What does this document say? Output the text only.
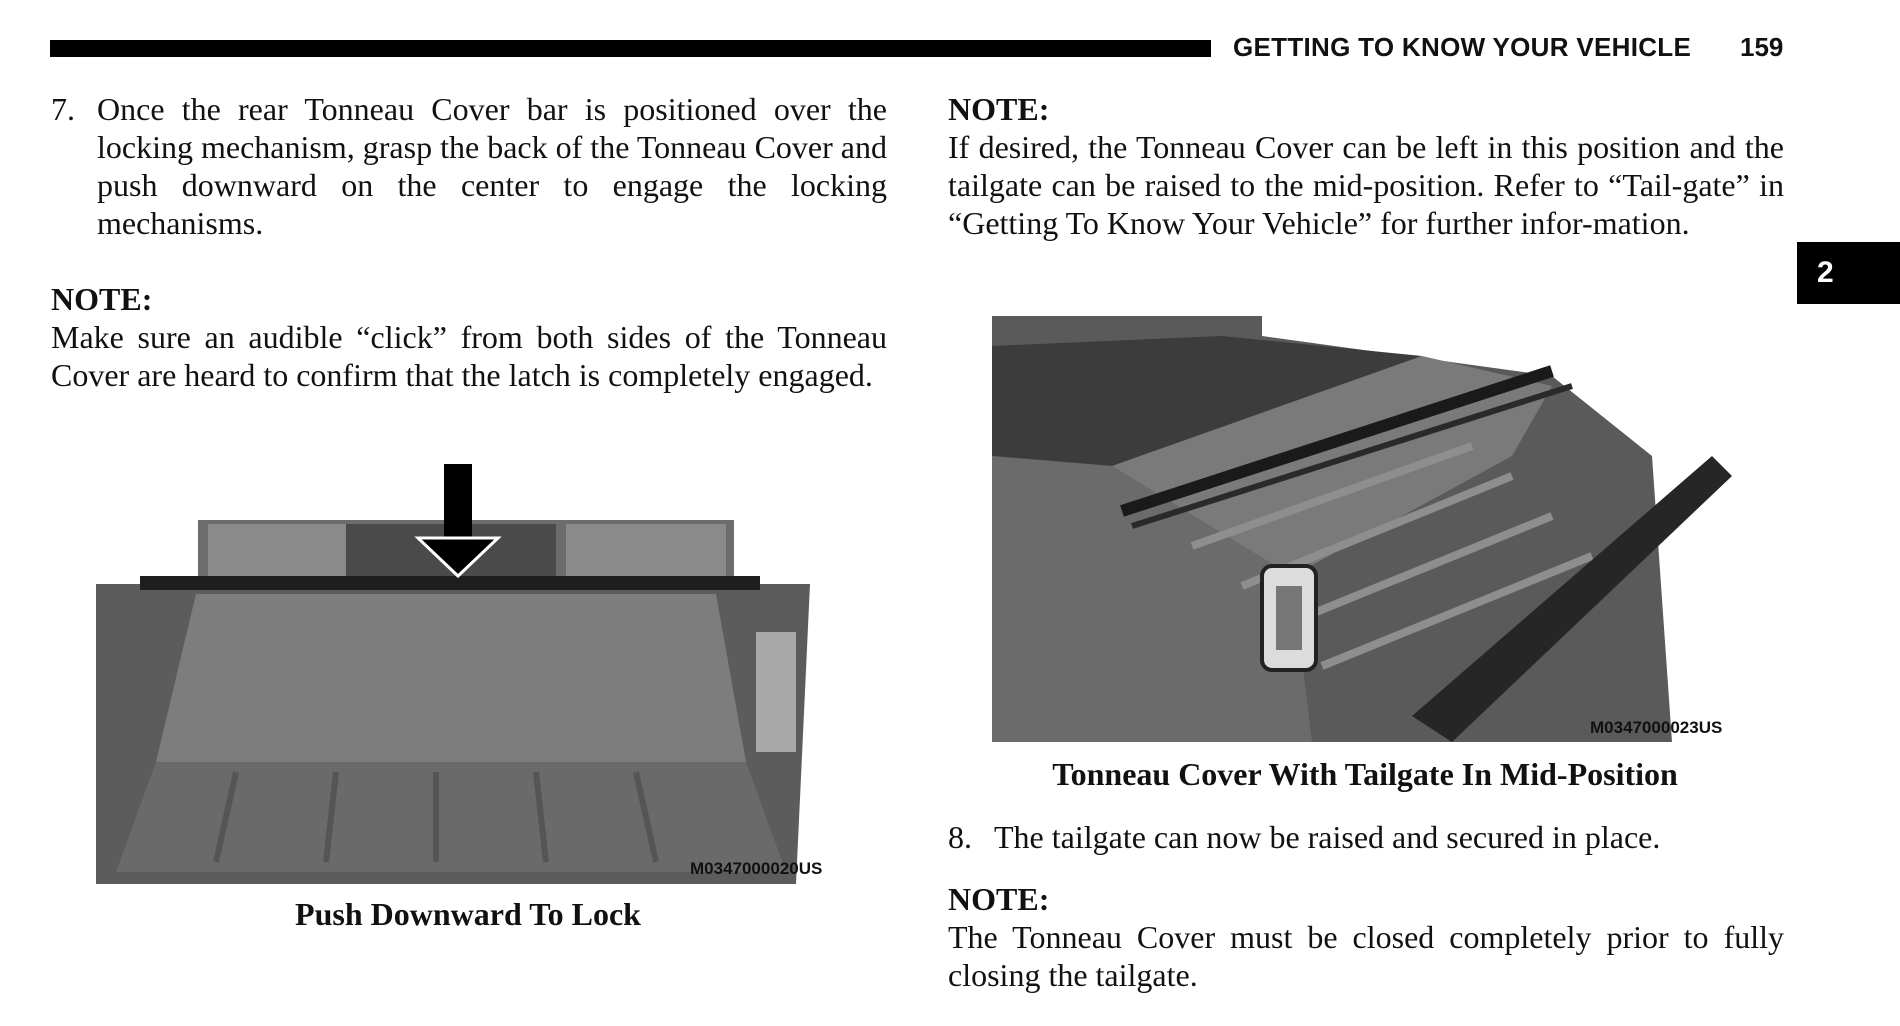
GETTING TO KNOW YOUR VEHICLE 159
2
7. Once the rear Tonneau Cover bar is positioned over the locking mechanism, grasp the back of the Tonneau Cover and push downward on the center to engage the locking mechanisms.
NOTE:
Make sure an audible “click” from both sides of the Tonneau Cover are heard to confirm that the latch is completely engaged.
M0347000020US
Push Downward To Lock
NOTE:
If desired, the Tonneau Cover can be left in this position and the tailgate can be raised to the mid-position. Refer to “Tail-gate” in “Getting To Know Your Vehicle” for further infor-mation.
M0347000023US
Tonneau Cover With Tailgate In Mid-Position
8. The tailgate can now be raised and secured in place.
NOTE:
The Tonneau Cover must be closed completely prior to fully closing the tailgate.
